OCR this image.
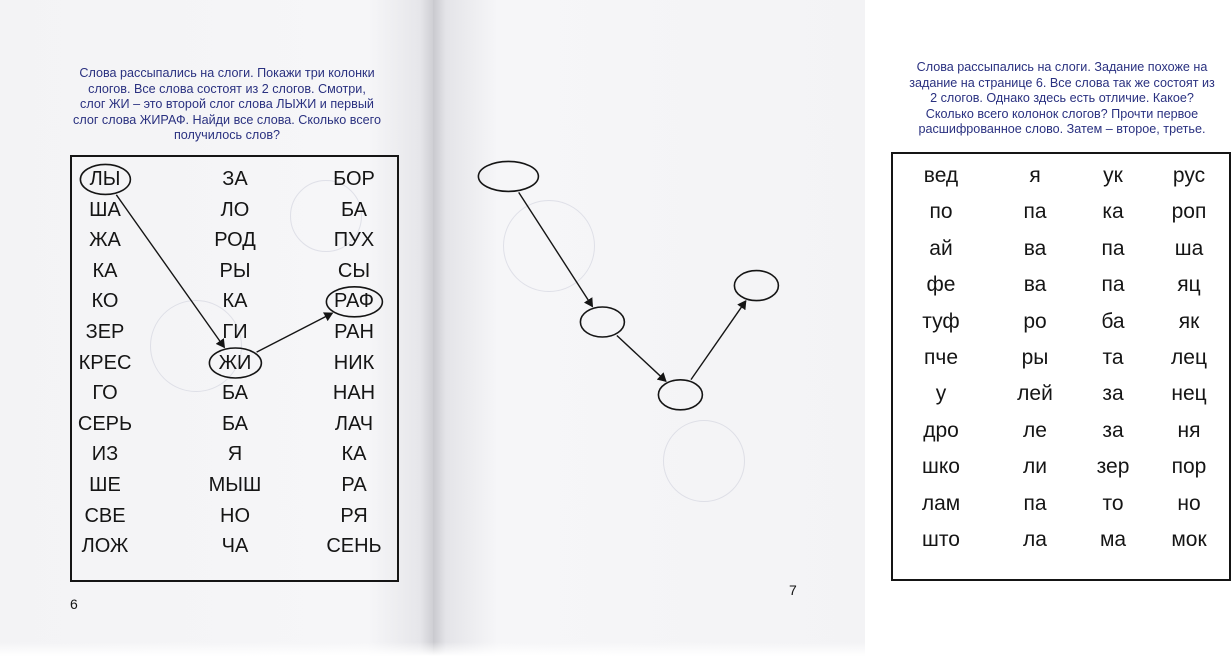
Слова рассыпались на слоги. Покажи три колонки
слогов. Все слова состоят из 2 слогов. Смотри,
слог ЖИ – это второй слог слова ЛЫЖИ и первый
слог слова ЖИРАФ. Найди все слова. Сколько всего
получилось слов?

ЛЫ
ША
ЖА
КА
КО
ЗЕР
КРЕС
ГО
СЕРЬ
ИЗ
ШЕ
СВЕ
ЛОЖ
ЗА
ЛО
РОД
РЫ
КА
ГИ
ЖИ
БА
БА
Я
МЫШ
НО
ЧА
БОР
БА
ПУХ
СЫ
РАФ
РАН
НИК
НАН
ЛАЧ
КА
РА
РЯ
СЕНЬ
6

Слова рассыпались на слоги. Задание похоже на
задание на странице 6. Все слова так же состоят из
2 слогов. Однако здесь есть отличие. Какое?
Сколько всего колонок слогов? Прочти первое
расшифрованное слово. Затем – второе, третье.

вед
по
ай
фе
туф
пче
у
дро
шко
лам
што
я
па
ва
ва
ро
ры
лей
ле
ли
па
ла
ук
ка
па
па
ба
та
за
за
зер
то
ма
рус
роп
ша
яц
як
лец
нец
ня
пор
но
мок
7
